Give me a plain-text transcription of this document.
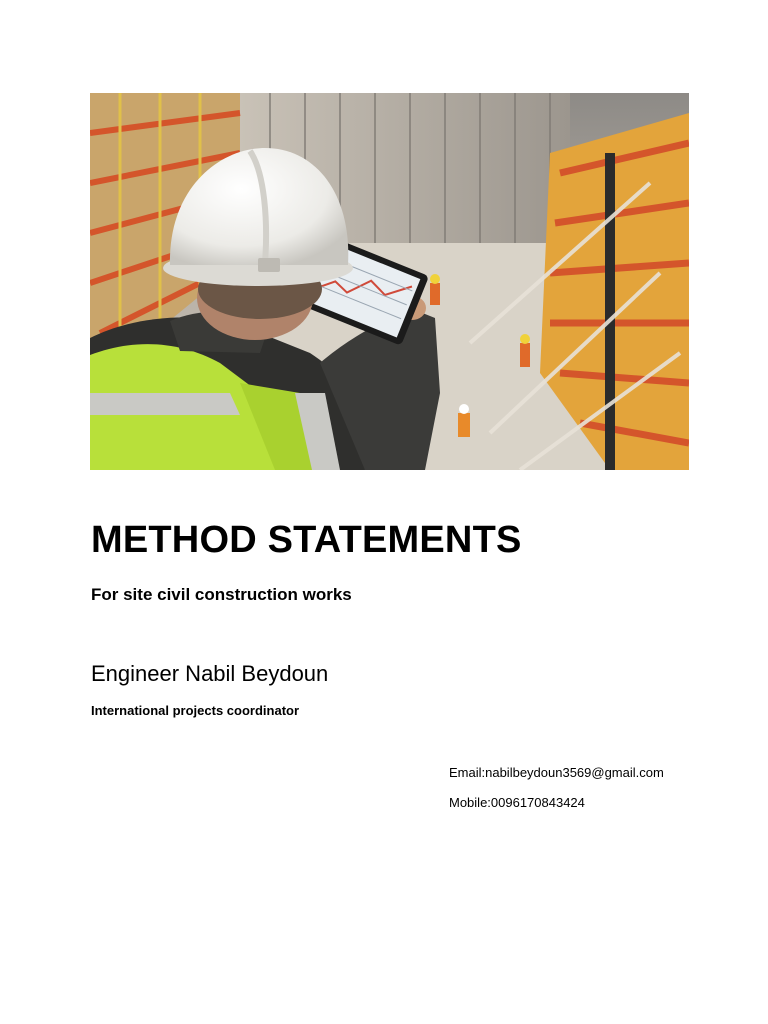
METHOD STATEMENTS

For site civil construction works

Engineer Nabil Beydoun

International projects coordinator

Email:nabilbeydoun3569@gmail.com

Mobile:0096170843424
